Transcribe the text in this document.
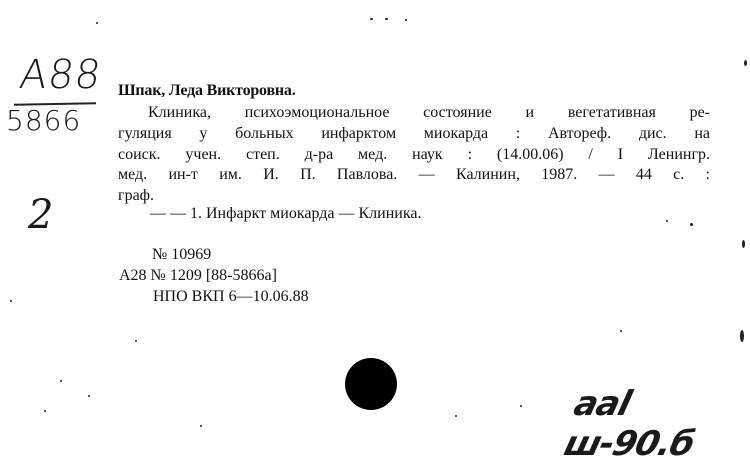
A88
5866
2
Шпак, Леда Викторовна.
Клиника, психоэмоциональное состояние и вегетативная ре-
гуляция у больных инфарктом миокарда : Автореф. дис. на
соиск. учен. степ. д-ра мед. наук : (14.00.06) / I Ленингр.
мед. ин-т им. И. П. Павлова. — Калинин, 1987. — 44 с. :
граф.
— — 1. Инфаркт миокарда — Клиника.
№ 10969
А28 № 1209 [88-5866а]
НПО ВКП 6—10.06.88
ааl ш-90.б
